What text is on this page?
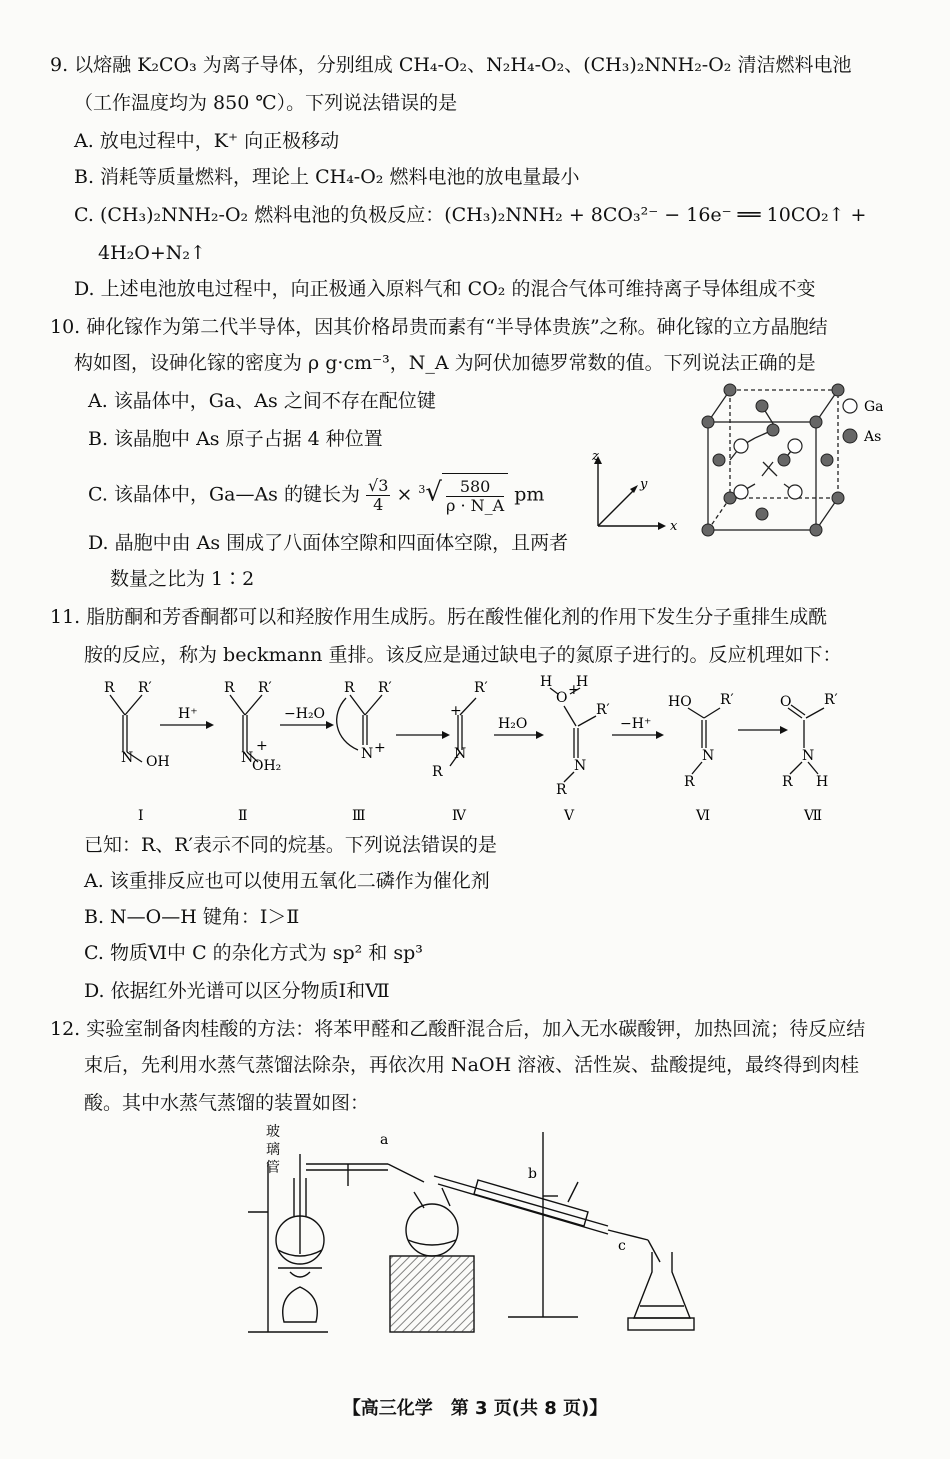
9. 以熔融 K₂CO₃ 为离子导体，分别组成 CH₄-O₂、N₂H₄-O₂、(CH₃)₂NNH₂-O₂ 清洁燃料电池
（工作温度均为 850 ℃）。下列说法错误的是
A. 放电过程中，K⁺ 向正极移动
B. 消耗等质量燃料，理论上 CH₄-O₂ 燃料电池的放电量最小
C. (CH₃)₂NNH₂-O₂ 燃料电池的负极反应：(CH₃)₂NNH₂ + 8CO₃²⁻ − 16e⁻ ══ 10CO₂↑ +
4H₂O+N₂↑
D. 上述电池放电过程中，向正极通入原料气和 CO₂ 的混合气体可维持离子导体组成不变
10. 砷化镓作为第二代半导体，因其价格昂贵而素有“半导体贵族”之称。砷化镓的立方晶胞结
构如图，设砷化镓的密度为 ρ g·cm⁻³，N_A 为阿伏加德罗常数的值。下列说法正确的是
A. 该晶体中，Ga、As 之间不存在配位键
B. 该晶胞中 As 原子占据 4 种位置
C. 该晶体中，Ga—As 的键长为 $\frac{√3}{4} \times ^3√ \frac{580}{\rho \cdot N\_A}$ pm
D. 晶胞中由 As 围成了八面体空隙和四面体空隙，且两者
数量之比为 1∶2
z
y
x
Ga
As
11. 脂肪酮和芳香酮都可以和羟胺作用生成肟。肟在酸性催化剂的作用下发生分子重排生成酰
胺的反应，称为 beckmann 重排。该反应是通过缺电子的氮原子进行的。反应机理如下：
R R′
N OH
H⁺
R R′
N
+
OH₂
−H₂O
R R′
N +
R′
+
N
R
H₂O
H H
O +
R′
N
R
−H⁺
HO R′
N
R
O R′
N
R H
Ⅰ	Ⅱ	Ⅲ	Ⅳ	Ⅴ	Ⅵ	Ⅶ
已知：R、R′表示不同的烷基。下列说法错误的是
A. 该重排反应也可以使用五氧化二磷作为催化剂
B. N—O—H 键角：Ⅰ＞Ⅱ
C. 物质Ⅵ中 C 的杂化方式为 sp² 和 sp³
D. 依据红外光谱可以区分物质Ⅰ和Ⅶ
12. 实验室制备肉桂酸的方法：将苯甲醛和乙酸酐混合后，加入无水碳酸钾，加热回流；待反应结
束后，先利用水蒸气蒸馏法除杂，再依次用 NaOH 溶液、活性炭、盐酸提纯，最终得到肉桂
酸。其中水蒸气蒸馏的装置如图：
玻
璃
管
a
b
c
【高三化学　第 3 页(共 8 页)】
